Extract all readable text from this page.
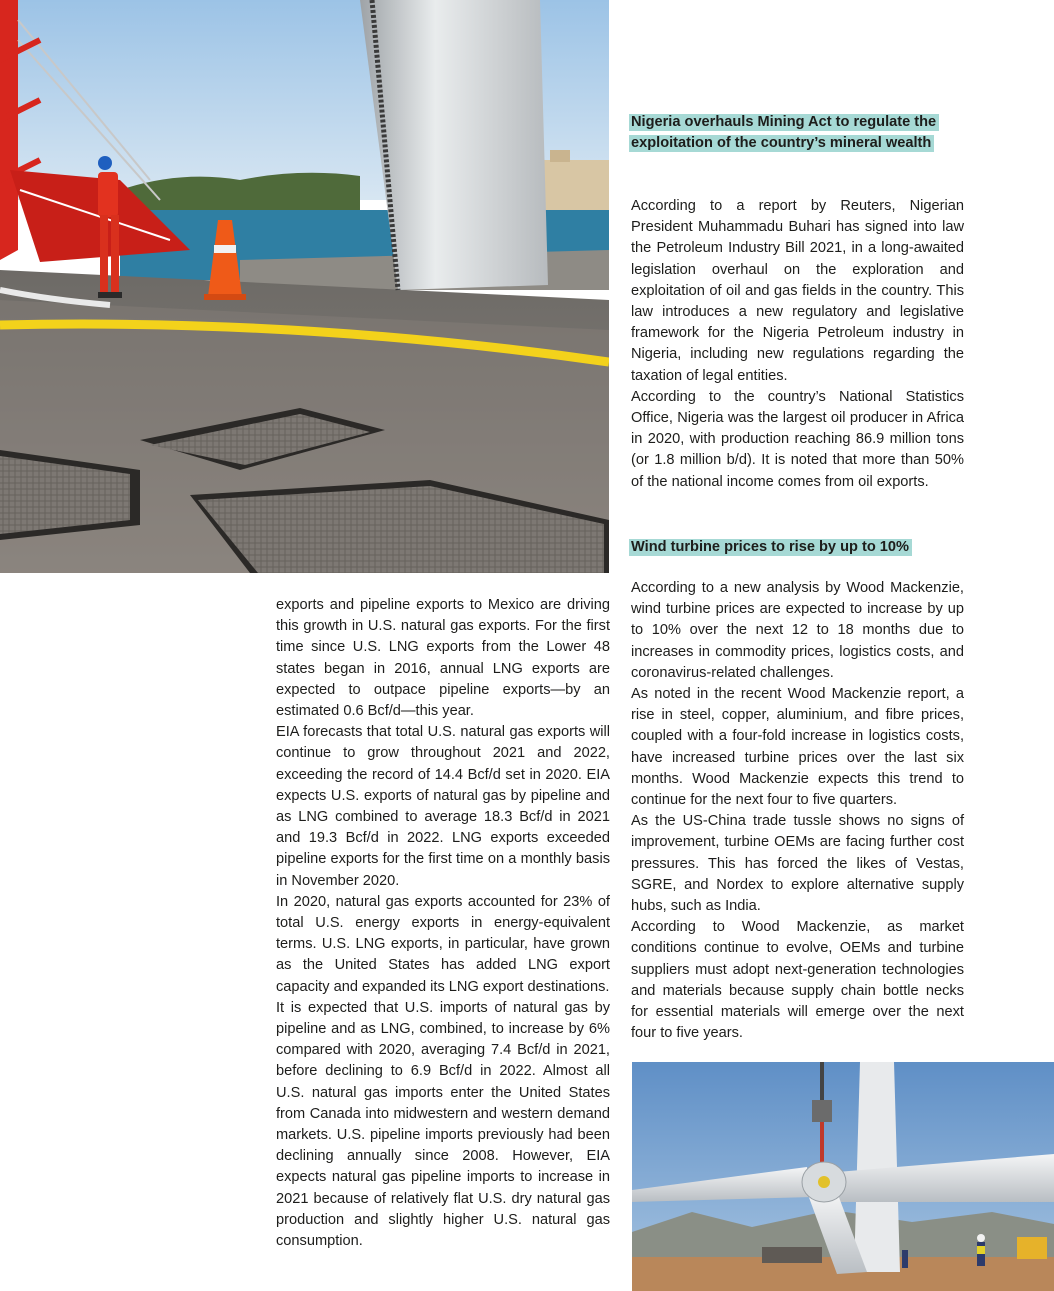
exports and pipeline exports to Mexico are driving this growth in U.S. natural gas exports. For the first time since U.S. LNG exports from the Lower 48 states began in 2016, annual LNG exports are expected to outpace pipeline exports—by an estimated 0.6 Bcf/d—this year.

EIA forecasts that total U.S. natural gas exports will continue to grow throughout 2021 and 2022, exceeding the record of 14.4 Bcf/d set in 2020. EIA expects U.S. exports of natural gas by pipeline and as LNG combined to average 18.3 Bcf/d in 2021 and 19.3 Bcf/d in 2022. LNG exports exceeded pipeline exports for the first time on a monthly basis in November 2020.

In 2020, natural gas exports accounted for 23% of total U.S. energy exports in energy-equivalent terms. U.S. LNG exports, in particular, have grown as the United States has added LNG export capacity and expanded its LNG export destinations.

It is expected that U.S. imports of natural gas by pipeline and as LNG, combined, to increase by 6% compared with 2020, averaging 7.4 Bcf/d in 2021, before declining to 6.9 Bcf/d in 2022. Almost all U.S. natural gas imports enter the United States from Canada into midwestern and western demand markets. U.S. pipeline imports previously had been declining annually since 2008. However, EIA expects natural gas pipeline imports to increase in 2021 because of relatively flat U.S. dry natural gas production and slightly higher U.S. natural gas consumption.

Nigeria overhauls Mining Act to regulate the exploitation of the country’s mineral wealth

According to a report by Reuters, Nigerian President Muhammadu Buhari has signed into law the Petroleum Industry Bill 2021, in a long-awaited legislation overhaul on the exploration and exploitation of oil and gas fields in the country. This law introduces a new regulatory and legislative framework for the Nigeria Petroleum industry in Nigeria, including new regulations regarding the taxation of legal entities.

According to the country’s National Statistics Office, Nigeria was the largest oil producer in Africa in 2020, with production reaching 86.9 million tons (or 1.8 million b/d). It is noted that more than 50% of the national income comes from oil exports.

Wind turbine prices to rise by up to 10%

According to a new analysis by Wood Mackenzie, wind turbine prices are expected to increase by up to 10% over the next 12 to 18 months due to increases in commodity prices, logistics costs, and coronavirus-related challenges.

As noted in the recent Wood Mackenzie report, a rise in steel, copper, aluminium, and fibre prices, coupled with a four-fold increase in logistics costs, have increased turbine prices over the last six months. Wood Mackenzie expects this trend to continue for the next four to five quarters.

As the US-China trade tussle shows no signs of improvement, turbine OEMs are facing further cost pressures. This has forced the likes of Vestas, SGRE, and Nordex to explore alternative supply hubs, such as India.

According to Wood Mackenzie, as market conditions continue to evolve, OEMs and turbine suppliers must adopt next-generation technologies and materials because supply chain bottle necks for essential materials will emerge over the next four to five years.
